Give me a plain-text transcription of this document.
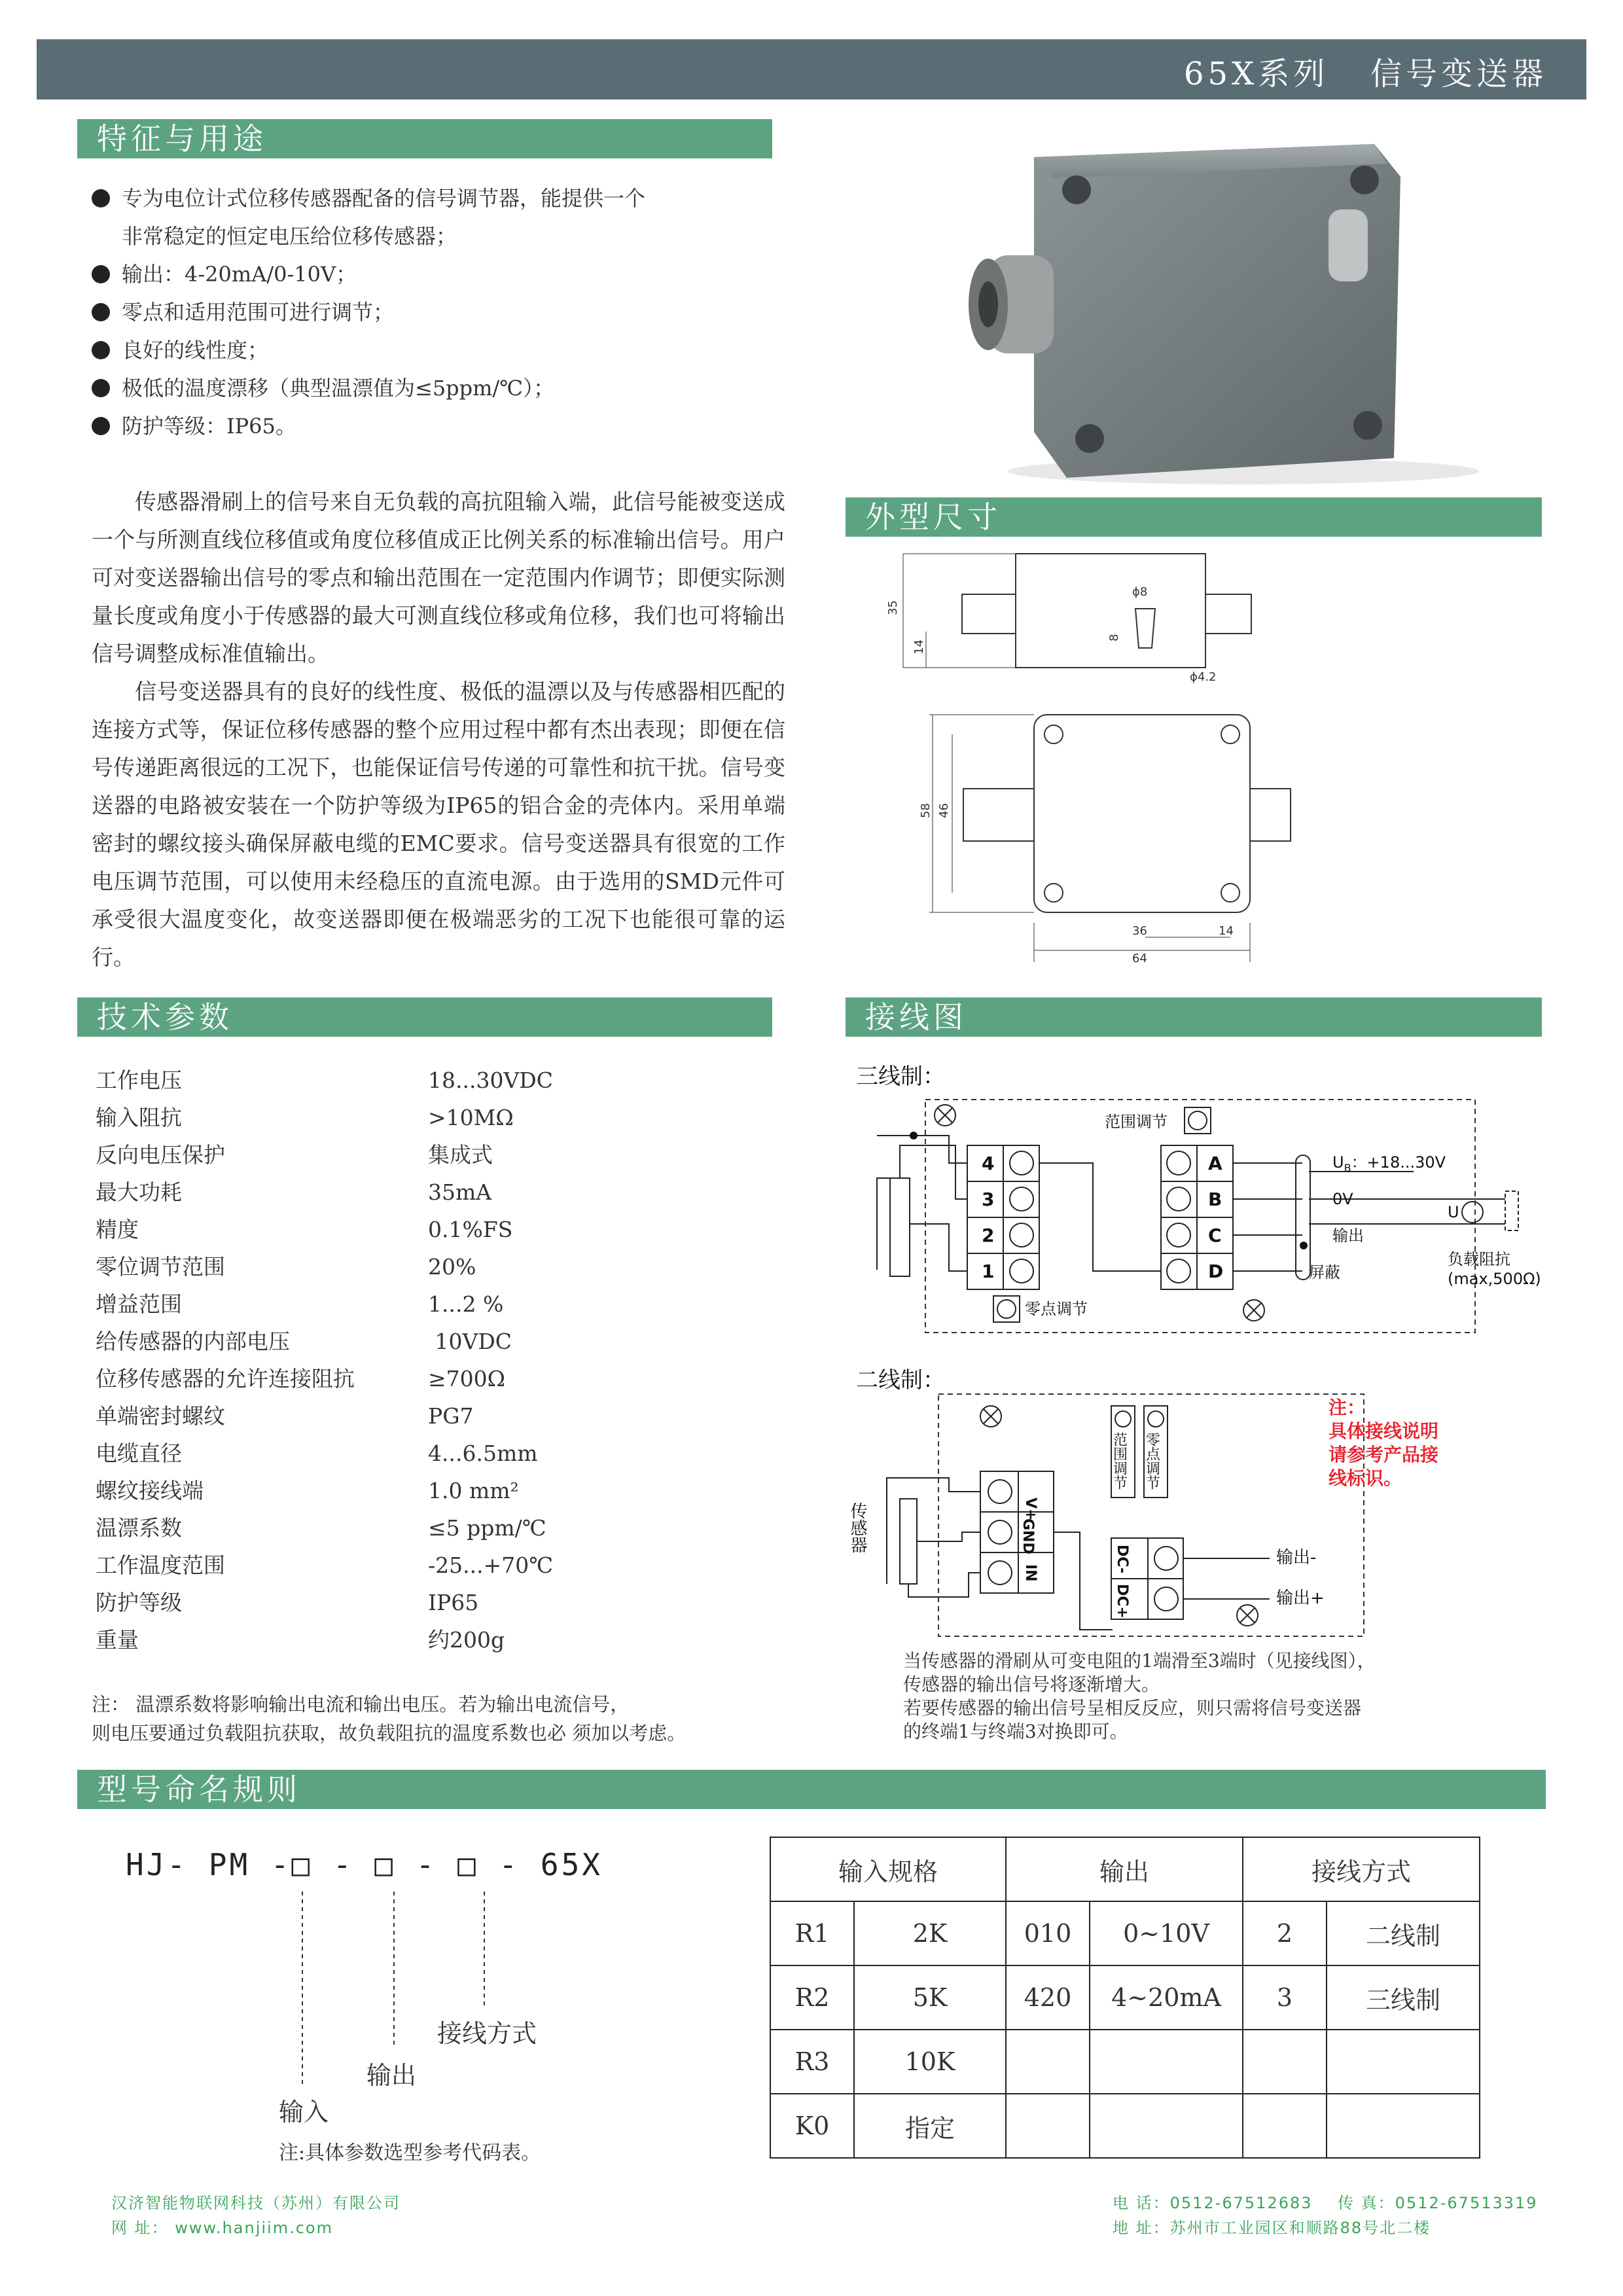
65X系列   信号变送器
特征与用途
专为电位计式位移传感器配备的信号调节器，能提供一个
非常稳定的恒定电压给位移传感器；
输出：4-20mA/0-10V；
零点和适用范围可进行调节；
良好的线性度；
极低的温度漂移（典型温漂值为≤5ppm/℃）；
防护等级：IP65。

传感器滑刷上的信号来自无负载的高抗阻输入端，此信号能被变送成一个与所测直线位移值或角度位移值成正比例关系的标准输出信号。用户可对变送器输出信号的零点和输出范围在一定范围内作调节；即便实际测量长度或角度小于传感器的最大可测直线位移或角位移，我们也可将输出信号调整成标准值输出。

信号变送器具有的良好的线性度、极低的温漂以及与传感器相匹配的连接方式等，保证位移传感器的整个应用过程中都有杰出表现；即便在信号传递距离很远的工况下，也能保证信号传递的可靠性和抗干扰。信号变送器的电路被安装在一个防护等级为IP65的铝合金的壳体内。采用单端密封的螺纹接头确保屏蔽电缆的EMC要求。信号变送器具有很宽的工作电压调节范围，可以使用未经稳压的直流电源。由于选用的SMD元件可承受很大温度变化，故变送器即便在极端恶劣的工况下也能很可靠的运行。

外型尺寸
35
14
ϕ8
8
ϕ4.2
58 46
64
36	14
技术参数
工作电压	18...30VDC
输入阻抗	>10MΩ
反向电压保护	集成式
最大功耗	35mA
精度	0.1%FS
零位调节范围	20%
增益范围	1...2 %
给传感器的内部电压	10VDC
位移传感器的允许连接阻抗	≥700Ω
单端密封螺纹	PG7
电缆直径	4...6.5mm
螺纹接线端	1.0 mm²
温漂系数	≤5 ppm/℃
工作温度范围	-25...+70℃
防护等级	IP65
重量	约200g
注： 温漂系数将影响输出电流和输出电压。若为输出电流信号，
则电压要通过负载阻抗获取，故负载阻抗的温度系数也必 须加以考虑。
接线图
三线制：
二线制：
4
3
2
1
A
B
C
D
范围调节
零点调节
$U_B$：+18...30V
0V
输出
屏蔽
U
负载阻抗
(max,500Ω)
V+
GND
IN	DC-
DC+
范围调节 零点调节
传感器
输出-
输出+
注：
具体接线说明
请参考产品接
线标识。
当传感器的滑刷从可变电阻的1端滑至3端时（见接线图），
传感器的输出信号将逐渐增大。
若要传感器的输出信号呈相反反应，则只需将信号变送器
的终端1与终端3对换即可。
型号命名规则
HJ- PM -□ - □ - □ - 65X
接线方式
输出
输入
注:具体参数选型参考代码表。
输入规格		输出		接线方式	
R1	2K	010	0~10V	2	二线制
R2	5K	420	4~20mA	3	三线制
R3	10K				
K0	指定				
汉济智能物联网科技（苏州）有限公司
网 址： www.hanjiim.com
电 话：0512-67512683    传 真：0512-67513319
地 址：苏州市工业园区和顺路88号北二楼
